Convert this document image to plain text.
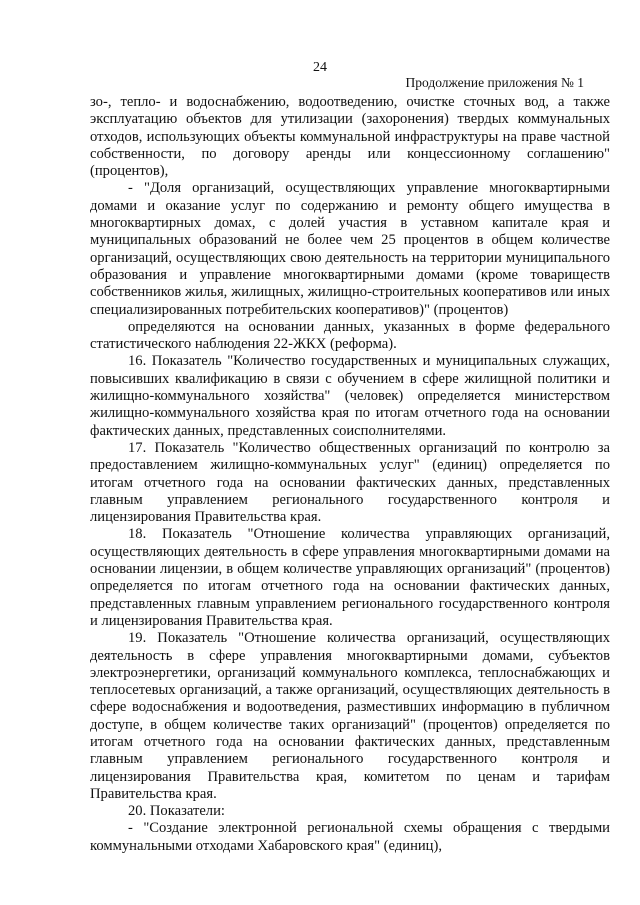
24
Продолжение приложения № 1

зо-, тепло- и водоснабжению, водоотведению, очистке сточных вод, а также эксплуатацию объектов для утилизации (захоронения) твердых коммунальных отходов, использующих объекты коммунальной инфраструктуры на праве частной собственности, по договору аренды или концессионному соглашению" (процентов),

- "Доля организаций, осуществляющих управление многоквартирными домами и оказание услуг по содержанию и ремонту общего имущества в многоквартирных домах, с долей участия в уставном капитале края и муниципальных образований не более чем 25 процентов в общем количестве организаций, осуществляющих свою деятельность на территории муниципального образования и управление многоквартирными домами (кроме товариществ собственников жилья, жилищных, жилищно-строительных кооперативов или иных специализированных потребительских кооперативов)" (процентов)

определяются на основании данных, указанных в форме федерального статистического наблюдения 22-ЖКХ (реформа).

16. Показатель "Количество государственных и муниципальных служащих, повысивших квалификацию в связи с обучением в сфере жилищной политики и жилищно-коммунального хозяйства" (человек) определяется министерством жилищно-коммунального хозяйства края по итогам отчетного года на основании фактических данных, представленных соисполнителями.

17. Показатель "Количество общественных организаций по контролю за предоставлением жилищно-коммунальных услуг" (единиц) определяется по итогам отчетного года на основании фактических данных, представленных главным управлением регионального государственного контроля и лицензирования Правительства края.

18. Показатель "Отношение количества управляющих организаций, осуществляющих деятельность в сфере управления многоквартирными домами на основании лицензии, в общем количестве управляющих организаций" (процентов) определяется по итогам отчетного года на основании фактических данных, представленных главным управлением регионального государственного контроля и лицензирования Правительства края.

19. Показатель "Отношение количества организаций, осуществляющих деятельность в сфере управления многоквартирными домами, субъектов электроэнергетики, организаций коммунального комплекса, теплоснабжающих и теплосетевых организаций, а также организаций, осуществляющих деятельность в сфере водоснабжения и водоотведения, разместивших информацию в публичном доступе, в общем количестве таких организаций" (процентов) определяется по итогам отчетного года на основании фактических данных, представленным главным управлением регионального государственного контроля и лицензирования Правительства края, комитетом по ценам и тарифам Правительства края.

20. Показатели:

- "Создание электронной региональной схемы обращения с твердыми коммунальными отходами Хабаровского края" (единиц),
